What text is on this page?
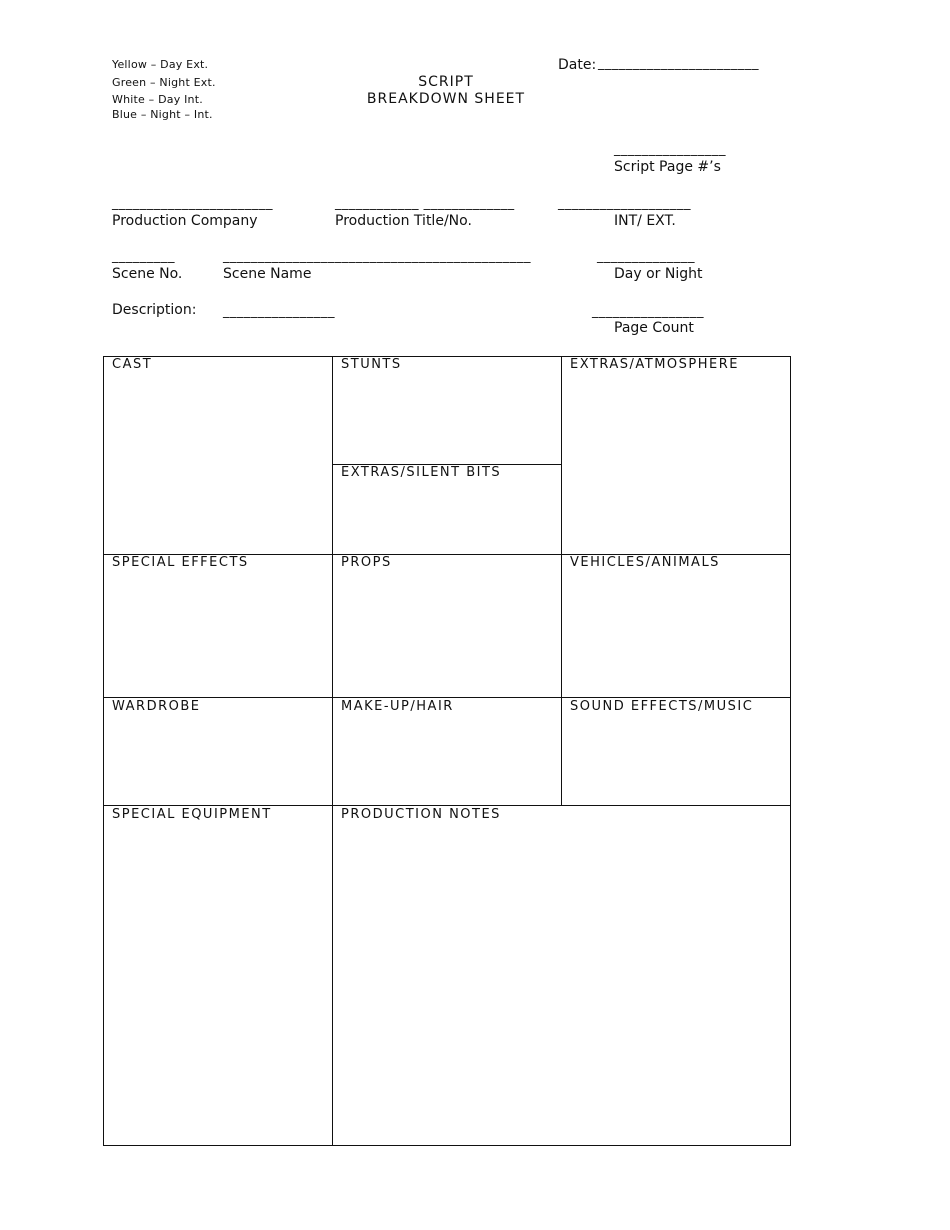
Yellow – Day Ext.
Green – Night Ext.
White – Day Int.
Blue – Night – Int.
SCRIPT
BREAKDOWN SHEET
Date: _______________________
________________
Script Page #’s
_______________________
Production Company
____________ _____________
Production Title/No.
___________________
INT/ EXT.
_________
Scene No.
____________________________________________
Scene Name
______________
Day or Night
Description: ________________	________________
Page Count
CAST	STUNTS	EXTRAS/ATMOSPHERE
EXTRAS/SILENT BITS
SPECIAL EFFECTS	PROPS	VEHICLES/ANIMALS
WARDROBE	MAKE-UP/HAIR	SOUND EFFECTS/MUSIC
SPECIAL EQUIPMENT	PRODUCTION NOTES
